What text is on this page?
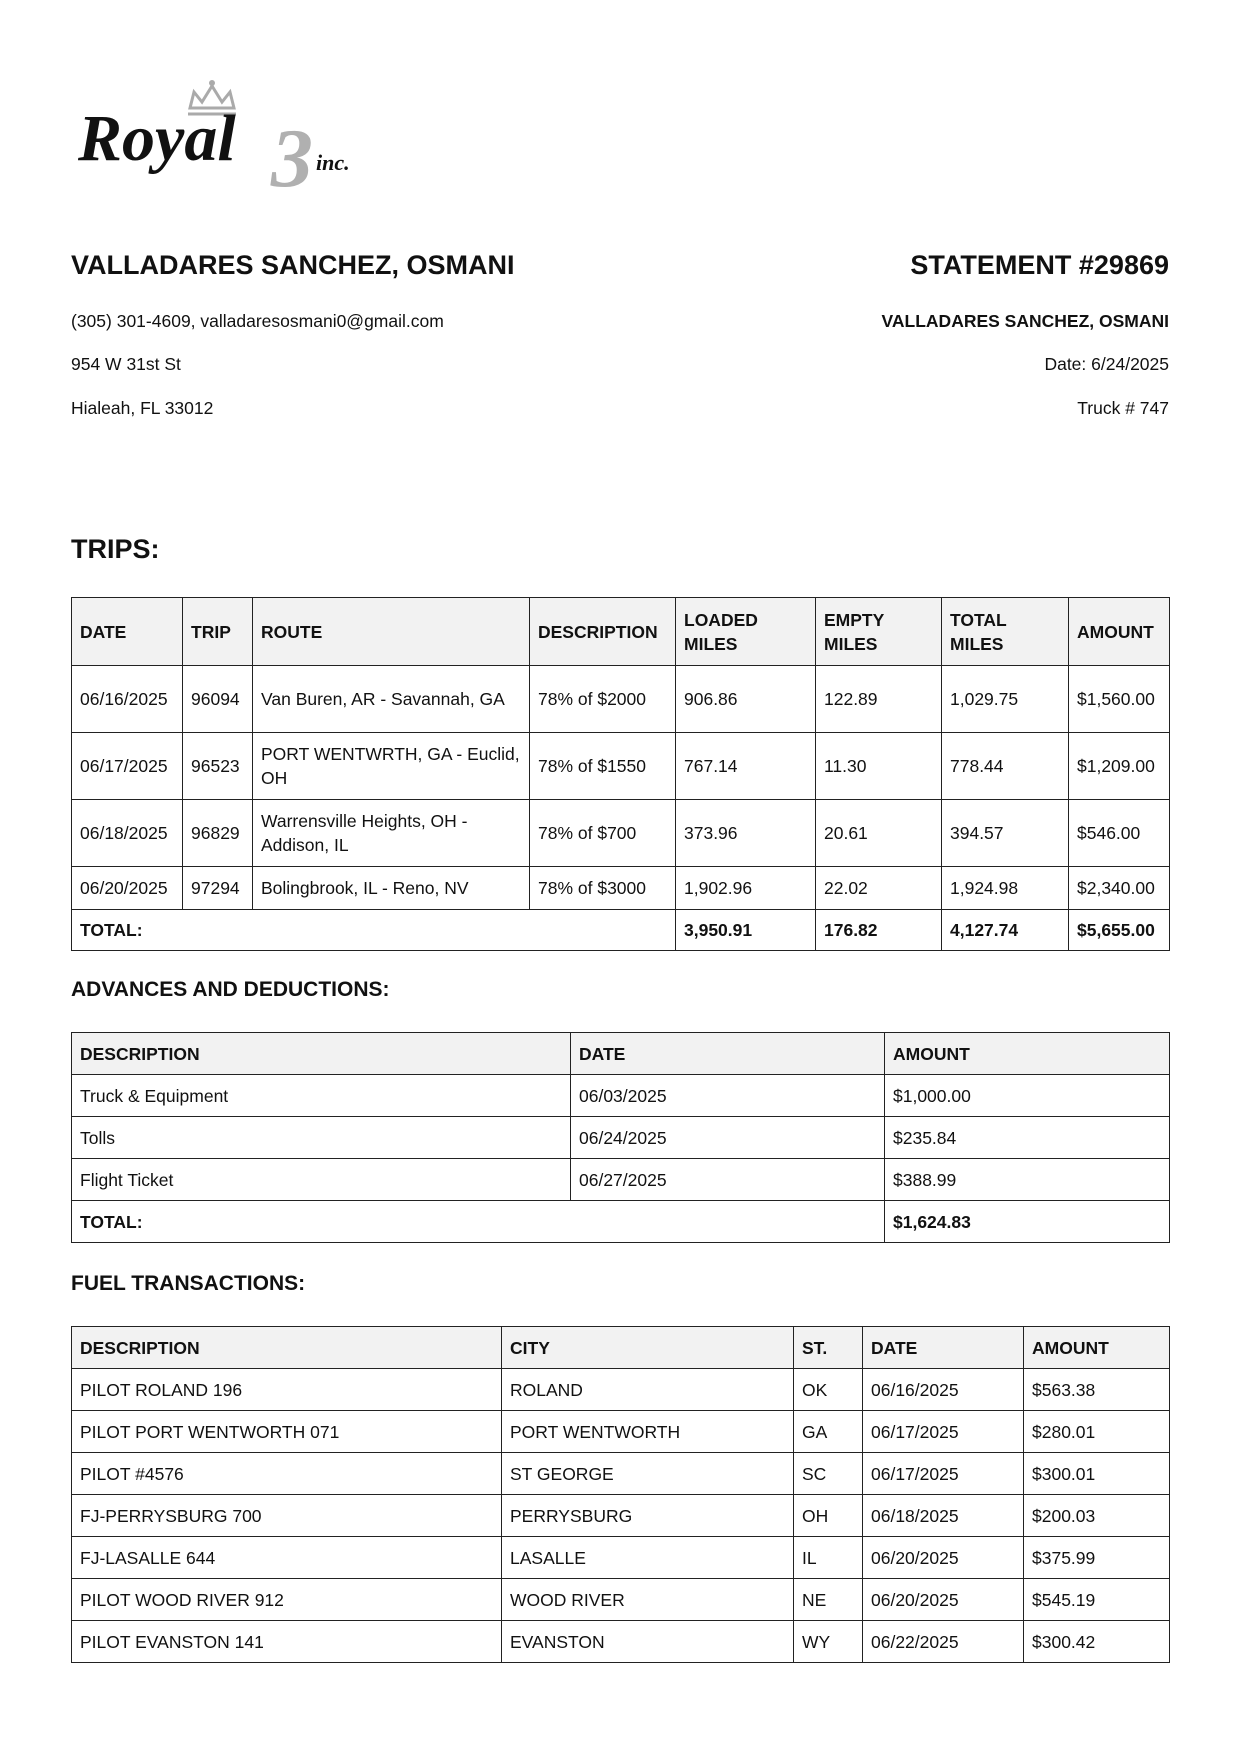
3
Royal	inc.
VALLADARES SANCHEZ, OSMANI	STATEMENT #29869
(305) 301-4609, valladaresosmani0@gmail.com
954 W 31st St
Hialeah, FL 33012
VALLADARES SANCHEZ, OSMANI
Date: 6/24/2025
Truck # 747
TRIPS:
DATE	TRIP	ROUTE	DESCRIPTION	LOADED MILES	EMPTY MILES	TOTAL MILES	AMOUNT
06/16/2025	96094	Van Buren, AR - Savannah, GA	78% of $2000	906.86	122.89	1,029.75	$1,560.00
06/17/2025	96523	PORT WENTWRTH, GA - Euclid, OH	78% of $1550	767.14	11.30	778.44	$1,209.00
06/18/2025	96829	Warrensville Heights, OH - Addison, IL	78% of $700	373.96	20.61	394.57	$546.00
06/20/2025	97294	Bolingbrook, IL - Reno, NV	78% of $3000	1,902.96	22.02	1,924.98	$2,340.00
TOTAL:				3,950.91	176.82	4,127.74	$5,655.00
ADVANCES AND DEDUCTIONS:
DESCRIPTION	DATE	AMOUNT
Truck & Equipment	06/03/2025	$1,000.00
Tolls	06/24/2025	$235.84
Flight Ticket	06/27/2025	$388.99
TOTAL:		$1,624.83
FUEL TRANSACTIONS:
DESCRIPTION	CITY	ST.	DATE	AMOUNT
PILOT ROLAND 196	ROLAND	OK	06/16/2025	$563.38
PILOT PORT WENTWORTH 071	PORT WENTWORTH	GA	06/17/2025	$280.01
PILOT #4576	ST GEORGE	SC	06/17/2025	$300.01
FJ-PERRYSBURG 700	PERRYSBURG	OH	06/18/2025	$200.03
FJ-LASALLE 644	LASALLE	IL	06/20/2025	$375.99
PILOT WOOD RIVER 912	WOOD RIVER	NE	06/20/2025	$545.19
PILOT EVANSTON 141	EVANSTON	WY	06/22/2025	$300.42
